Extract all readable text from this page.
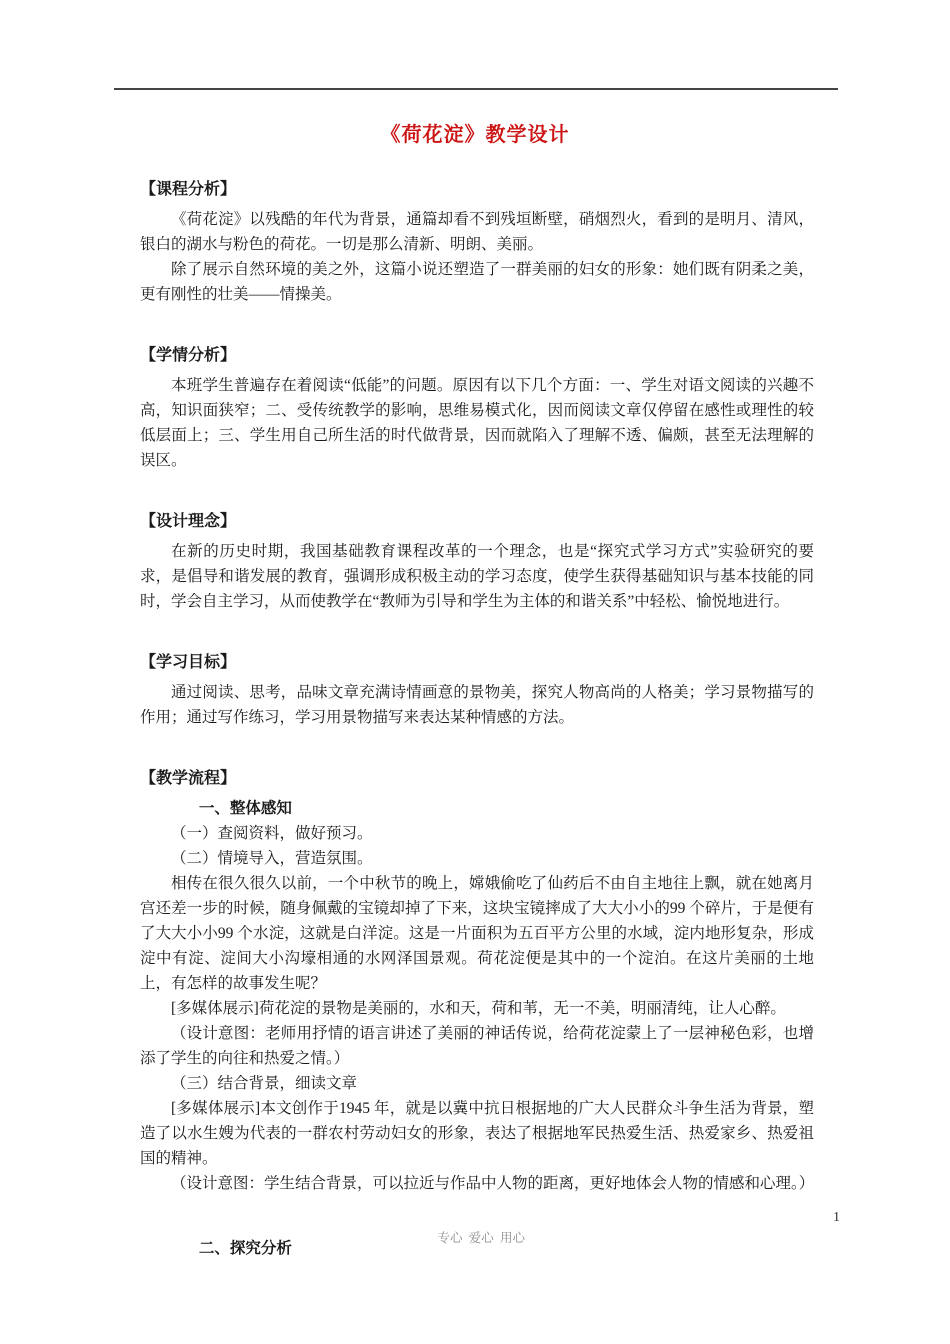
《荷花淀》教学设计
【课程分析】

《荷花淀》以残酷的年代为背景，通篇却看不到残垣断壁，硝烟烈火，看到的是明月、清风，银白的湖水与粉色的荷花。一切是那么清新、明朗、美丽。

除了展示自然环境的美之外，这篇小说还塑造了一群美丽的妇女的形象：她们既有阴柔之美，更有刚性的壮美——情操美。

【学情分析】

本班学生普遍存在着阅读“低能”的问题。原因有以下几个方面：一、学生对语文阅读的兴趣不高，知识面狭窄；二、受传统教学的影响，思维易模式化，因而阅读文章仅停留在感性或理性的较低层面上；三、学生用自己所生活的时代做背景，因而就陷入了理解不透、偏颇，甚至无法理解的误区。

【设计理念】

在新的历史时期，我国基础教育课程改革的一个理念，也是“探究式学习方式”实验研究的要求，是倡导和谐发展的教育，强调形成积极主动的学习态度，使学生获得基础知识与基本技能的同时，学会自主学习，从而使教学在“教师为引导和学生为主体的和谐关系”中轻松、愉悦地进行。

【学习目标】

通过阅读、思考，品味文章充满诗情画意的景物美，探究人物高尚的人格美；学习景物描写的作用；通过写作练习，学习用景物描写来表达某种情感的方法。

【教学流程】

一、整体感知

（一）查阅资料，做好预习。

（二）情境导入，营造氛围。

相传在很久很久以前，一个中秋节的晚上，嫦娥偷吃了仙药后不由自主地往上飘，就在她离月宫还差一步的时候，随身佩戴的宝镜却掉了下来，这块宝镜摔成了大大小小的99 个碎片，于是便有了大大小小99 个水淀，这就是白洋淀。这是一片面积为五百平方公里的水域，淀内地形复杂，形成淀中有淀、淀间大小沟壕相通的水网泽国景观。荷花淀便是其中的一个淀泊。在这片美丽的土地上，有怎样的故事发生呢？

[多媒体展示]荷花淀的景物是美丽的，水和天，荷和苇，无一不美，明丽清纯，让人心醉。

（设计意图：老师用抒情的语言讲述了美丽的神话传说，给荷花淀蒙上了一层神秘色彩，也增添了学生的向往和热爱之情。）

（三）结合背景，细读文章

[多媒体展示]本文创作于1945 年，就是以冀中抗日根据地的广大人民群众斗争生活为背景，塑造了以水生嫂为代表的一群农村劳动妇女的形象，表达了根据地军民热爱生活、热爱家乡、热爱祖国的精神。

（设计意图：学生结合背景，可以拉近与作品中人物的距离，更好地体会人物的情感和心理。）

二、探究分析

专心  爱心  用心

1
